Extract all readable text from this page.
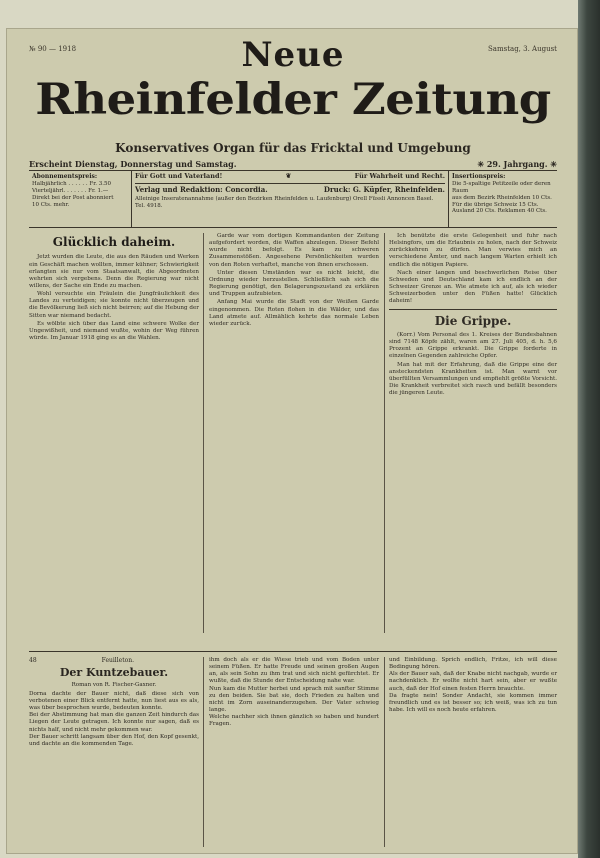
№ 90 — 1918	Samstag, 3. August
Neue
Rheinfelder Zeitung
Konservatives Organ für das Fricktal und Umgebung
Erscheint Dienstag, Donnerstag und Samstag.	✳ 29. Jahrgang. ✳
Abonnementspreis:
Halbjährlich . . . . . . Fr. 3.50
Vierteljährl. . . . . . . Fr. 1.—
Direkt bei der Post abonniert
10 Cts. mehr.
Für Gott und Vaterland!	❦	Für Wahrheit und Recht.
Verlag und Redaktion: Concordia.	Druck: G. Küpfer, Rheinfelden.
Alleinige Inseratenannahme (außer den Bezirken Rheinfelden u. Laufenburg) Orell Füssli Annoncen Basel. Tel. 4918.
Insertionspreis:
Die 5-spaltige Petitzeile oder deren Raum
aus dem Bezirk Rheinfelden 10 Cts.
Für die übrige Schweiz 15 Cts.
Ausland 20 Cts. Reklamen 40 Cts.
Glücklich daheim.

Jetzt wurden die Leute, die aus den Räuden und Werken ein Geschäft machen wollten, immer kühner; Schwierigkeit erlangten sie nur vom Staatsanwalt, die Abgeordneten wehrten sich vergebens. Denn die Regierung war nicht willens, der Sache ein Ende zu machen.

Wohl versuchte ein Fräulein die Jungfräulichkeit des Landes zu verteidigen; sie konnte nicht überzeugen und die Bevölkerung ließ sich nicht beirren; auf die Hebung der Sitten war niemand bedacht.

Es wölbte sich über das Land eine schwere Wolke der Ungewißheit, und niemand wußte, wohin der Weg führen würde. Im Januar 1918 ging es an die Wahlen.

Garde war vom dortigen Kommandanten der Zeitung aufgefordert worden, die Waffen abzulegen. Dieser Befehl wurde nicht befolgt. Es kam zu schweren Zusammenstößen. Angesehene Persönlichkeiten wurden von den Roten verhaftet, manche von ihnen erschossen.

Unter diesen Umständen war es nicht leicht, die Ordnung wieder herzustellen. Schließlich sah sich die Regierung genötigt, den Belagerungszustand zu erklären und Truppen aufzubieten.

Anfang Mai wurde die Stadt von der Weißen Garde eingenommen. Die Roten flohen in die Wälder, und das Land atmete auf. Allmählich kehrte das normale Leben wieder zurück.

Ich benützte die erste Gelegenheit und fuhr nach Helsingfors, um die Erlaubnis zu holen, nach der Schweiz zurückkehren zu dürfen. Man verwies mich an verschiedene Ämter, und nach langem Warten erhielt ich endlich die nötigen Papiere.

Nach einer langen und beschwerlichen Reise über Schweden und Deutschland kam ich endlich an der Schweizer Grenze an. Wie atmete ich auf, als ich wieder Schweizerboden unter den Füßen hatte! Glücklich daheim!

Die Grippe.

(Korr.) Vom Personal des 1. Kreises der Bundesbahnen sind 7148 Köpfe zählt, waren am 27. Juli 405, d. h. 5,6 Prozent an Grippe erkrankt. Die Grippe forderte in einzelnen Gegenden zahlreiche Opfer.

Man hat mit der Erfahrung, daß die Grippe eine der ansteckendsten Krankheiten ist. Man warnt vor überfüllten Versammlungen und empfiehlt größte Vorsicht. Die Krankheit verbreitet sich rasch und befällt besonders die jüngeren Leute.

48	Feuilleton.
Der Kuntzebauer.
Roman von R. Fischer-Gaxner.

Dorna dachte der Bauer nicht, daß diese sich von verbotenen einer Blick entfernt hatte, nun liest aus es als, was über besprochen wurde, bedeuten konnte.

Bei der Abstimmung hat man die ganzen Zeit hindurch das Liegen der Leute getragen. Ich konnte nur sagen, daß es nichts half, und nicht mehr gekommen war.

Der Bauer schritt langsam über den Hof, den Kopf gesenkt, und dachte an die kommenden Tage.

ihm doch als er die Wiese trieb und vom Boden unter seinem Füßen. Er hatte Freude und seinen großen Augen an, als sein Sohn zu ihm trat und sich nicht gefürchtet. Er wußte, daß die Stunde der Entscheidung nahe war.

Nun kam die Mutter herbei und sprach mit sanfter Stimme zu den beiden. Sie bat sie, doch Frieden zu halten und nicht im Zorn auseinanderzugehen. Der Vater schwieg lange.

Welche nachher sich ihnen gänzlich so haben und hundert Fragen.

und Einbildung. Sprich endlich, Fritze, ich will diese Bedingung hören.

Als der Bauer sah, daß der Knabe nicht nachgab, wurde er nachdenklich. Er wollte nicht hart sein, aber er wußte auch, daß der Hof einen festen Herrn brauchte.

Da fragte nein! Sonder Andacht, sie kommen immer freundlich und es ist besser so; ich weiß, was ich zu tun habe. Ich will es noch heute erfahren.
